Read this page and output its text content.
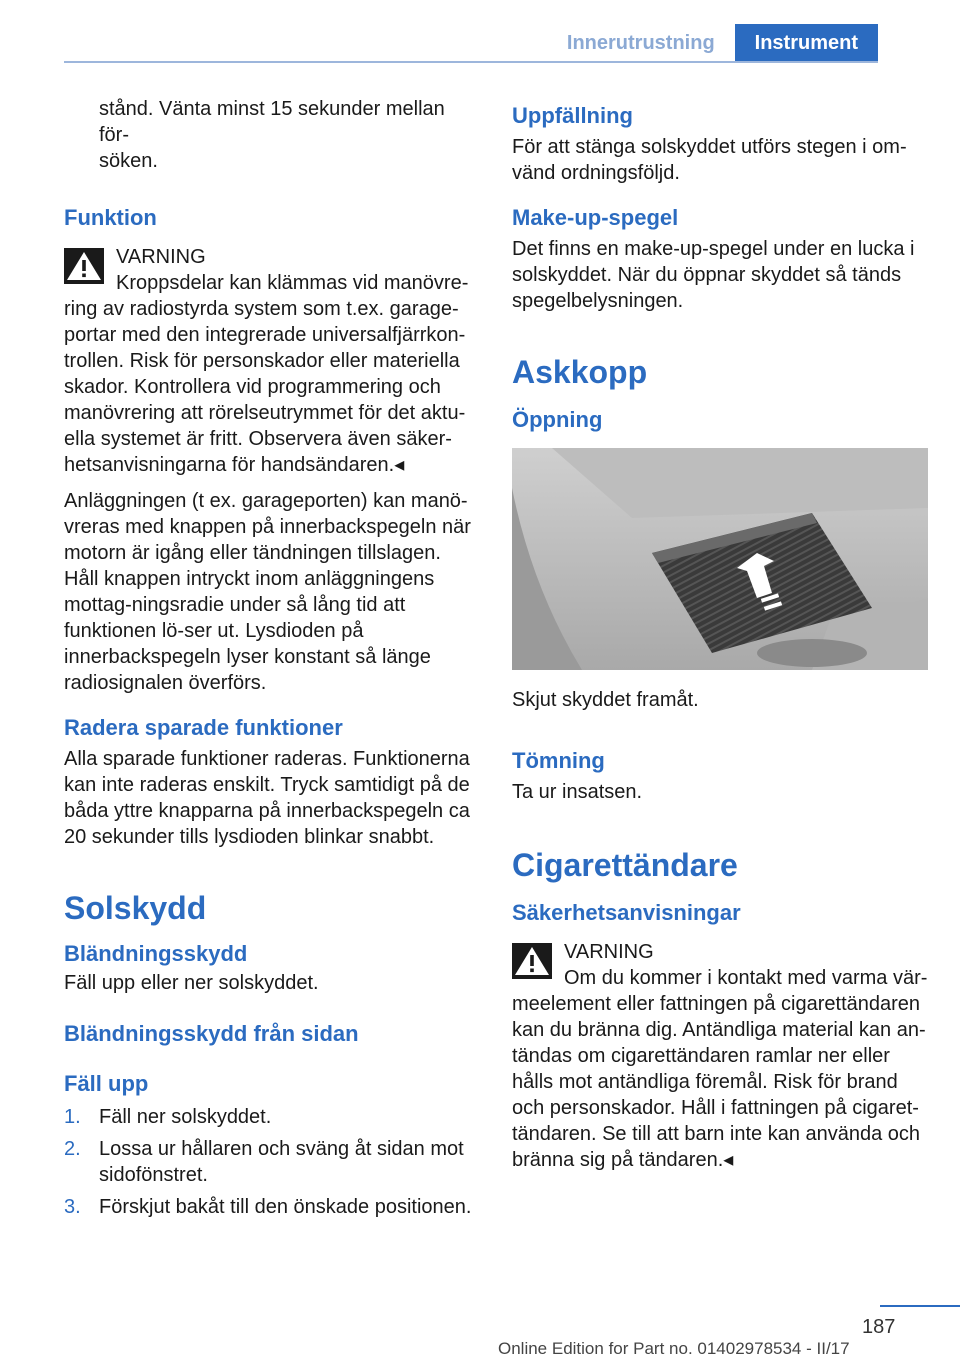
Innerutrustning	Instrument

stånd. Vänta minst 15 sekunder mellan för-
söken.

Funktion

VARNING

Kroppsdelar kan klämmas vid manövre-

ring av radiostyrda system som t.ex. garage-portar med den integrerade universalfjärrkon-trollen. Risk för personskador eller materiella skador. Kontrollera vid programmering och manövrering att rörelseutrymmet för det aktu-ella systemet är fritt. Observera även säker-hetsanvisningarna för handsändaren.◂

Anläggningen (t ex. garageporten) kan manö-vreras med knappen på innerbackspegeln när motorn är igång eller tändningen tillslagen. Håll knappen intryckt inom anläggningens mottag-ningsradie under så lång tid att funktionen lö-ser ut. Lysdioden på innerbackspegeln lyser konstant så länge radiosignalen överförs.

Radera sparade funktioner

Alla sparade funktioner raderas. Funktionerna kan inte raderas enskilt. Tryck samtidigt på de båda yttre knapparna på innerbackspegeln ca 20 sekunder tills lysdioden blinkar snabbt.

Solskydd
Bländningsskydd

Fäll upp eller ner solskyddet.

Bländningsskydd från sidan
Fäll upp
1. Fäll ner solskyddet.
2. Lossa ur hållaren och sväng åt sidan mot sidofönstret.
3. Förskjut bakåt till den önskade positionen.
Uppfällning

För att stänga solskyddet utförs stegen i om-vänd ordningsföljd.

Make-up-spegel

Det finns en make-up-spegel under en lucka i solskyddet. När du öppnar skyddet så tänds spegelbelysningen.

Askkopp
Öppning

Skjut skyddet framåt.

Tömning

Ta ur insatsen.

Cigarettändare
Säkerhetsanvisningar

VARNING

Om du kommer i kontakt med varma vär-

meelement eller fattningen på cigarettändaren kan du bränna dig. Antändliga material kan an-tändas om cigarettändaren ramlar ner eller hålls mot antändliga föremål. Risk för brand och personskador. Håll i fattningen på cigaret-tändaren. Se till att barn inte kan använda och bränna sig på tändaren.◂

187
Online Edition for Part no. 01402978534 - II/17
